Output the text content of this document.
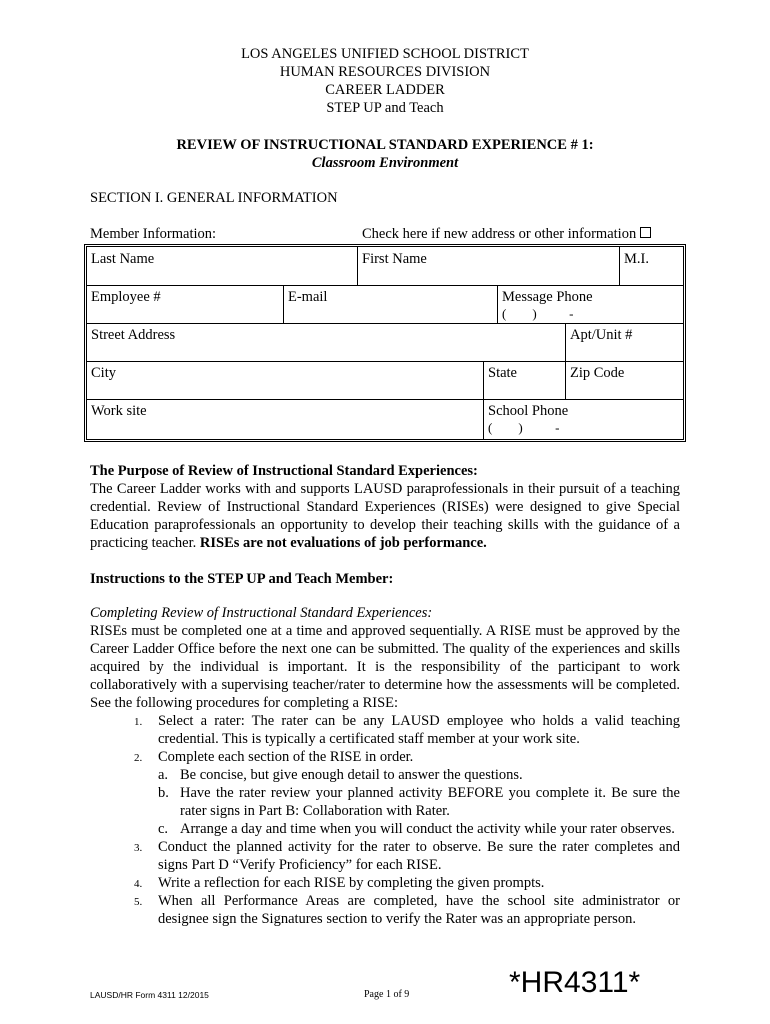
LOS ANGELES UNIFIED SCHOOL DISTRICT
HUMAN RESOURCES DIVISION
CAREER LADDER
STEP UP and Teach
REVIEW OF INSTRUCTIONAL STANDARD EXPERIENCE # 1:
Classroom Environment
SECTION I. GENERAL INFORMATION
Member Information:	Check here if new address or other information
Last Name	First Name	M.I.
Employee #	E-mail	Message Phone
(        )          -
Street Address	Apt/Unit #
City	State	Zip Code
Work site	School Phone
(        )          -
The Purpose of Review of Instructional Standard Experiences:
The Career Ladder works with and supports LAUSD paraprofessionals in their pursuit of a teaching credential. Review of Instructional Standard Experiences (RISEs) were designed to give Special Education paraprofessionals an opportunity to develop their teaching skills with the guidance of a practicing teacher. RISEs are not evaluations of job performance.
Instructions to the STEP UP and Teach Member:
Completing Review of Instructional Standard Experiences:
RISEs must be completed one at a time and approved sequentially. A RISE must be approved by the Career Ladder Office before the next one can be submitted. The quality of the experiences and skills acquired by the individual is important. It is the responsibility of the participant to work collaboratively with a supervising teacher/rater to determine how the assessments will be completed. See the following procedures for completing a RISE:
1. Select a rater: The rater can be any LAUSD employee who holds a valid teaching credential. This is typically a certificated staff member at your work site.
2. Complete each section of the RISE in order.
a. Be concise, but give enough detail to answer the questions.
b. Have the rater review your planned activity BEFORE you complete it. Be sure the rater signs in Part B: Collaboration with Rater.
c. Arrange a day and time when you will conduct the activity while your rater observes.
3. Conduct the planned activity for the rater to observe. Be sure the rater completes and signs Part D “Verify Proficiency” for each RISE.
4. Write a reflection for each RISE by completing the given prompts.
5. When all Performance Areas are completed, have the school site administrator or designee sign the Signatures section to verify the Rater was an appropriate person.
LAUSD/HR Form 4311 12/2015	Page 1 of 9	*HR4311*
